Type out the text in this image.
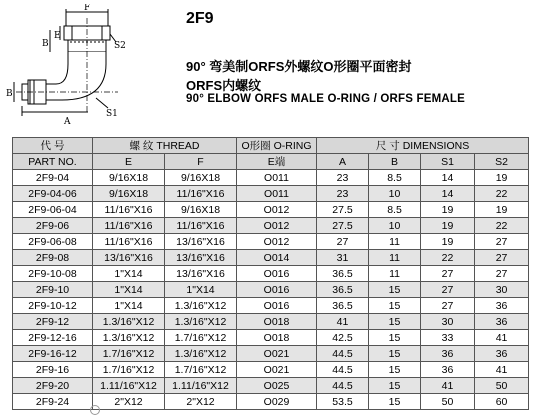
F
E
S2
B
B
S1
A
2F9
90° 弯美制ORFS外螺纹O形圈平面密封
ORFS内螺纹
90° ELBOW ORFS MALE O-RING / ORFS FEMALE
代 号	螺 纹 THREAD		O形圈 O-RING	尺 寸 DIMENSIONS			
PART NO.	E	F	E端	A	B	S1	S2
2F9-04	9/16X18	9/16X18	O011	23	8.5	14	19
2F9-04-06	9/16X18	11/16"X16	O011	23	10	14	22
2F9-06-04	11/16"X16	9/16X18	O012	27.5	8.5	19	19
2F9-06	11/16"X16	11/16"X16	O012	27.5	10	19	22
2F9-06-08	11/16"X16	13/16"X16	O012	27	11	19	27
2F9-08	13/16"X16	13/16"X16	O014	31	11	22	27
2F9-10-08	1"X14	13/16"X16	O016	36.5	11	27	27
2F9-10	1"X14	1"X14	O016	36.5	15	27	30
2F9-10-12	1"X14	1.3/16"X12	O016	36.5	15	27	36
2F9-12	1.3/16"X12	1.3/16"X12	O018	41	15	30	36
2F9-12-16	1.3/16"X12	1.7/16"X12	O018	42.5	15	33	41
2F9-16-12	1.7/16"X12	1.3/16"X12	O021	44.5	15	36	36
2F9-16	1.7/16"X12	1.7/16"X12	O021	44.5	15	36	41
2F9-20	1.11/16"X12	1.11/16"X12	O025	44.5	15	41	50
2F9-24	2"X12	2"X12	O029	53.5	15	50	60
